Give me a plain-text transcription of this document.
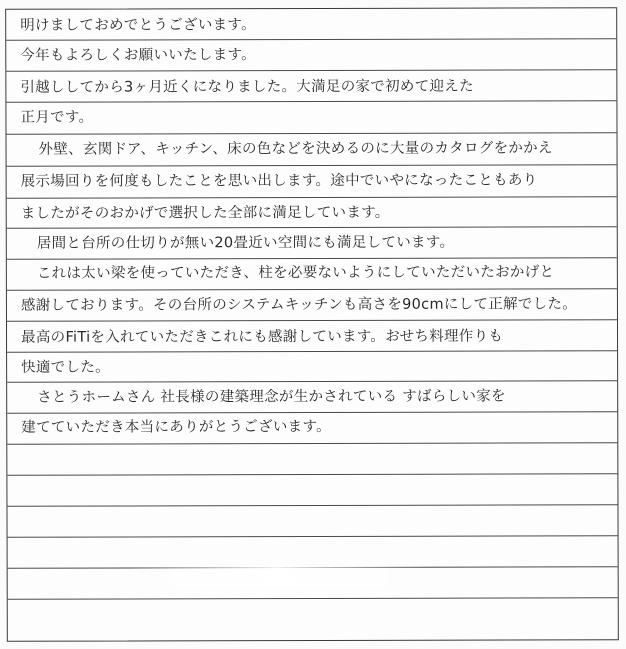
明けましておめでとうございます。
今年もよろしくお願いいたします。
引越ししてから3ヶ月近くになりました。大満足の家で初めて迎えた
正月です。
外壁、玄関ドア、キッチン、床の色などを決めるのに大量のカタログをかかえ
展示場回りを何度もしたことを思い出します。途中でいやになったこともあり
ましたがそのおかげで選択した全部に満足しています。
居間と台所の仕切りが無い20畳近い空間にも満足しています。
これは太い梁を使っていただき、柱を必要ないようにしていただいたおかげと
感謝しております。その台所のシステムキッチンも高さを90cmにして正解でした。
最高のFiTiを入れていただきこれにも感謝しています。おせち料理作りも
快適でした。
さとうホームさん 社長様の建築理念が生かされている すばらしい家を
建てていただき本当にありがとうございます。
